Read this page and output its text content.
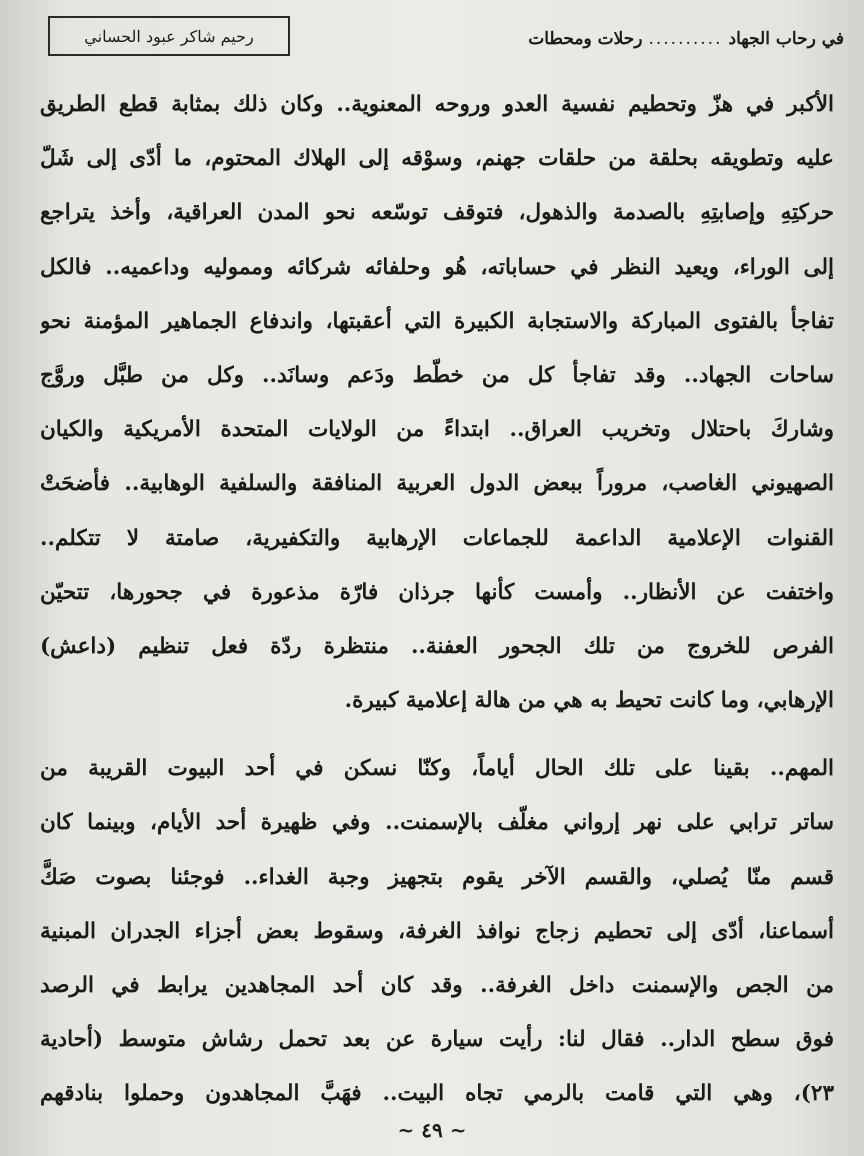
رحيم شاكر عبود الحساني	في رحاب الجهاد
..........
رحلات ومحطات
الأكبر في هزّ وتحطيم نفسية العدو وروحه المعنوية.. وكان ذلك بمثابة قطع الطريق
عليه وتطويقه بحلقة من حلقات جهنم، وسوْقه إلى الهلاك المحتوم، ما أدّى إلى شَلّ
حركتِهِ وإصابتِهِ بالصدمة والذهول، فتوقف توسّعه نحو المدن العراقية، وأخذ يتراجع
إلى الوراء، ويعيد النظر في حساباته، هُو وحلفائه شركائه ومموليه وداعميه.. فالكل
تفاجأ بالفتوى المباركة والاستجابة الكبيرة التي أعقبتها، واندفاع الجماهير المؤمنة نحو
ساحات الجهاد.. وقد تفاجأ كل من خطّط ودَعم وسانَد.. وكل من طبَّل وروَّج
وشاركَ باحتلال وتخريب العراق.. ابتداءً من الولايات المتحدة الأمريكية والكيان
الصهيوني الغاصب، مروراً ببعض الدول العربية المنافقة والسلفية الوهابية.. فأضحَتْ
القنوات الإعلامية الداعمة للجماعات الإرهابية والتكفيرية، صامتة لا تتكلم..
واختفت عن الأنظار.. وأمست كأنها جرذان فارّة مذعورة في جحورها، تتحيّن
الفرص للخروج من تلك الجحور العفنة.. منتظرة ردّة فعل تنظيم (داعش)
الإرهابي، وما كانت تحيط به هي من هالة إعلامية كبيرة.
المهم.. بقينا على تلك الحال أياماً، وكنّا نسكن في أحد البيوت القريبة من
ساتر ترابي على نهر إرواني مغلّف بالإسمنت.. وفي ظهيرة أحد الأيام، وبينما كان
قسم منّا يُصلي، والقسم الآخر يقوم بتجهيز وجبة الغداء.. فوجئنا بصوت صَكَّ
أسماعنا، أدّى إلى تحطيم زجاج نوافذ الغرفة، وسقوط بعض أجزاء الجدران المبنية
من الجص والإسمنت داخل الغرفة.. وقد كان أحد المجاهدين يرابط في الرصد
فوق سطح الدار.. فقال لنا: رأيت سيارة عن بعد تحمل رشاش متوسط (أحادية
٢٣)، وهي التي قامت بالرمي تجاه البيت.. فهَبَّ المجاهدون وحملوا بنادقهم
~ ٤٩ ~
